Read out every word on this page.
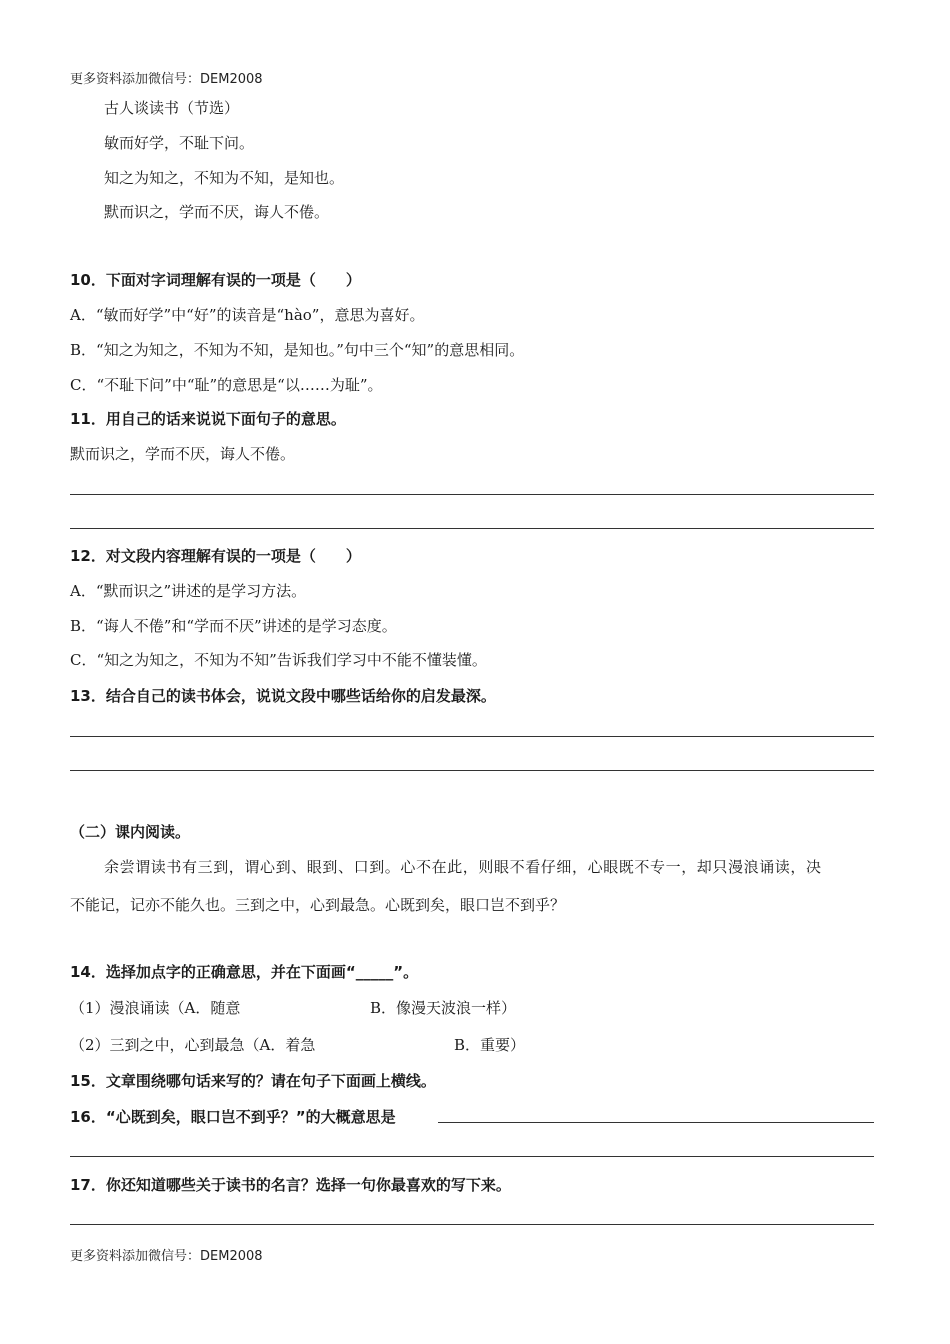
更多资料添加微信号：DEM2008
古人谈读书（节选）
敏而好学，不耻下问。
知之为知之，不知为不知，是知也。
默而识之，学而不厌，诲人不倦。
10．下面对字词理解有误的一项是（　　）
A．“敏而好学”中“好”的读音是“hào”，意思为喜好。
B．“知之为知之，不知为不知，是知也。”句中三个“知”的意思相同。
C．“不耻下问”中“耻”的意思是“以……为耻”。
11．用自己的话来说说下面句子的意思。
默而识之，学而不厌，诲人不倦。
12．对文段内容理解有误的一项是（　　）
A．“默而识之”讲述的是学习方法。
B．“诲人不倦”和“学而不厌”讲述的是学习态度。
C．“知之为知之，不知为不知”告诉我们学习中不能不懂装懂。
13．结合自己的读书体会，说说文段中哪些话给你的启发最深。
（二）课内阅读。
余尝谓读书有三到，谓心到、眼到、口到。心不在此，则眼不看仔细，心眼既不专一，却只漫浪诵读，决
不能记，记亦不能久也。三到之中，心到最急。心既到矣，眼口岂不到乎？
14．选择加点字的正确意思，并在下面画“_____”。
（1）漫浪诵读（A．随意	B．像漫天波浪一样）
（2）三到之中，心到最急（A．着急	B．重要）
15．文章围绕哪句话来写的？请在句子下面画上横线。
16．“心既到矣，眼口岂不到乎？”的大概意思是
17．你还知道哪些关于读书的名言？选择一句你最喜欢的写下来。
更多资料添加微信号：DEM2008
